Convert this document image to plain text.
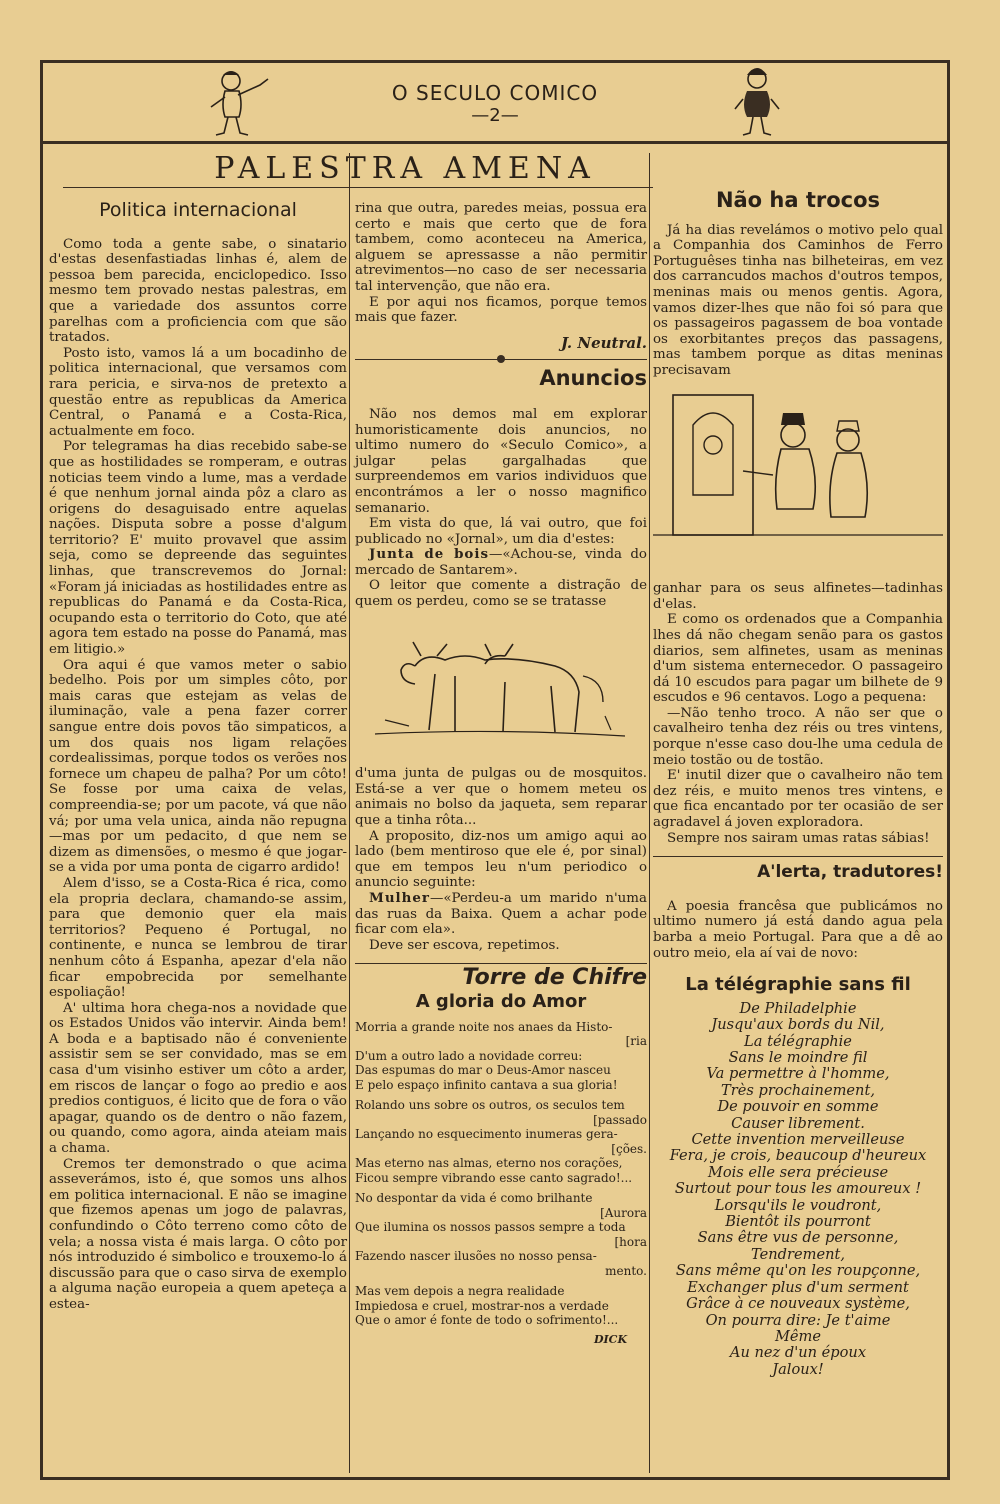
O SECULO COMICO
—2—
PALESTRA AMENA
Politica internacional

Como toda a gente sabe, o sinatario d'estas desenfastiadas linhas é, alem de pessoa bem parecida, enciclopedico. Isso mesmo tem provado nestas palestras, em que a variedade dos assuntos corre parelhas com a proficiencia com que são tratados.

Posto isto, vamos lá a um bocadinho de politica internacional, que versamos com rara pericia, e sirva-nos de pretexto a questão entre as republicas da America Central, o Panamá e a Costa-Rica, actualmente em foco.

Por telegramas ha dias recebido sabe-se que as hostilidades se romperam, e outras noticias teem vindo a lume, mas a verdade é que nenhum jornal ainda pôz a claro as origens do desaguisado entre aquelas nações. Disputa sobre a posse d'algum territorio? E' muito provavel que assim seja, como se depreende das seguintes linhas, que transcrevemos do Jornal: «Foram já iniciadas as hostilidades entre as republicas do Panamá e da Costa-Rica, ocupando esta o territorio do Coto, que até agora tem estado na posse do Panamá, mas em litigio.»

Ora aqui é que vamos meter o sabio bedelho. Pois por um simples côto, por mais caras que estejam as velas de iluminação, vale a pena fazer correr sangue entre dois povos tão simpaticos, a um dos quais nos ligam relações cordealissimas, porque todos os verões nos fornece um chapeu de palha? Por um côto! Se fosse por uma caixa de velas, compreendia-se; por um pacote, vá que não vá; por uma vela unica, ainda não repugna—mas por um pedacito, d que nem se dizem as dimensões, o mesmo é que jogar-se a vida por uma ponta de cigarro ardido!

Alem d'isso, se a Costa-Rica é rica, como ela propria declara, chamando-se assim, para que demonio quer ela mais territorios? Pequeno é Portugal, no continente, e nunca se lembrou de tirar nenhum côto á Espanha, apezar d'ela não ficar empobrecida por semelhante espoliação!

A' ultima hora chega-nos a novidade que os Estados Unidos vão intervir. Ainda bem! A boda e a baptisado não é conveniente assistir sem se ser convidado, mas se em casa d'um visinho estiver um côto a arder, em riscos de lançar o fogo ao predio e aos predios contiguos, é licito que de fora o vão apagar, quando os de dentro o não fazem, ou quando, como agora, ainda ateiam mais a chama.

Cremos ter demonstrado o que acima asseverámos, isto é, que somos uns alhos em politica internacional. E não se imagine que fizemos apenas um jogo de palavras, confundindo o Côto terreno como côto de vela; a nossa vista é mais larga. O côto por nós introduzido é simbolico e trouxemo-lo á discussão para que o caso sirva de exemplo a alguma nação europeia a quem apeteça a esteа-

rina que outra, paredes meias, possua era certo e mais que certo que de fora tambem, como aconteceu na America, alguem se apressasse a não permitir atrevimentos—no caso de ser necessaria tal intervenção, que não era.

E por aqui nos ficamos, porque temos mais que fazer.

J. Neutral.
Anuncios

Não nos demos mal em explorar humoristicamente dois anuncios, no ultimo numero do «Seculo Comico», a julgar pelas gargalhadas que surpreendemos em varios individuos que encontrámos a ler o nosso magnifico semanario.

Em vista do que, lá vai outro, que foi publicado no «Jornal», um dia d'estes:

Junta de bois—«Achou-se, vinda do mercado de Santarem».

O leitor que comente a distração de quem os perdeu, como se se tratasse

d'uma junta de pulgas ou de mosquitos. Está-se a ver que o homem meteu os animais no bolso da jaqueta, sem reparar que a tinha rôta...

A proposito, diz-nos um amigo aqui ao lado (bem mentiroso que ele é, por sinal) que em tempos leu n'um periodico o anuncio seguinte:

Mulher—«Perdeu-a um marido n'uma das ruas da Baixa. Quem a achar pode ficar com ela».

Deve ser escova, repetimos.

Torre de Chifre
A gloria do Amor
Morria a grande noite nos anaes da Histo-
[ria
D'um a outro lado a novidade correu:
Das espumas do mar o Deus-Amor nasceu
E pelo espaço infinito cantava a sua gloria!

Rolando uns sobre os outros, os seculos tem
[passado
Lançando no esquecimento inumeras gera-
[ções.
Mas eterno nas almas, eterno nos corações,
Ficou sempre vibrando esse canto sagrado!...

No despontar da vida é como brilhante
[Aurora
Que ilumina os nossos passos sempre a toda
[hora
Fazendo nascer ilusões no nosso pensa-
mento.

Mas vem depois a negra realidade
Impiedosa e cruel, mostrar-nos a verdade
Que o amor é fonte de todo o sofrimento!...
DICK
Não ha trocos

Já ha dias revelámos o motivo pelo qual a Companhia dos Caminhos de Ferro Portuguêses tinha nas bilheteiras, em vez dos carrancudos machos d'outros tempos, meninas mais ou menos gentis. Agora, vamos dizer-lhes que não foi só para que os passageiros pagassem de boa vontade os exorbitantes preços das passagens, mas tambem porque as ditas meninas precisavam

ganhar para os seus alfinetes—tadinhas d'elas.

E como os ordenados que a Companhia lhes dá não chegam senão para os gastos diarios, sem alfinetes, usam as meninas d'um sistema enternecedor. O passageiro dá 10 escudos para pagar um bilhete de 9 escudos e 96 centavos. Logo a pequena:

—Não tenho troco. A não ser que o cavalheiro tenha dez réis ou tres vintens, porque n'esse caso dou-lhe uma cedula de meio tostão ou de tostão.

E' inutil dizer que o cavalheiro não tem dez réis, e muito menos tres vintens, e que fica encantado por ter ocasião de ser agradavel á joven exploradora.

Sempre nos sairam umas ratas sábias!

A'lerta, tradutores!

A poesia francêsa que publicámos no ultimo numero já está dando agua pela barba a meio Portugal. Para que a dê ao outro meio, ela aí vai de novo:

La télégraphie sans fil
De Philadelphie
Jusqu'aux bords du Nil,
La télégraphie
Sans le moindre fil
Va permettre à l'homme,
Très prochainement,
De pouvoir en somme
Causer librement.
Cette invention merveilleuse
Fera, je crois, beaucoup d'heureux
Mois elle sera précieuse
Surtout pour tous les amoureux !
Lorsqu'ils le voudront,
Bientôt ils pourront
Sans être vus de personne,
Tendrement,
Sans même qu'on les roupçonne,
Exchanger plus d'um serment
Grâce à ce nouveaux système,
On pourra dire: Je t'aime
Même
Au nez d'un époux
Jaloux!
